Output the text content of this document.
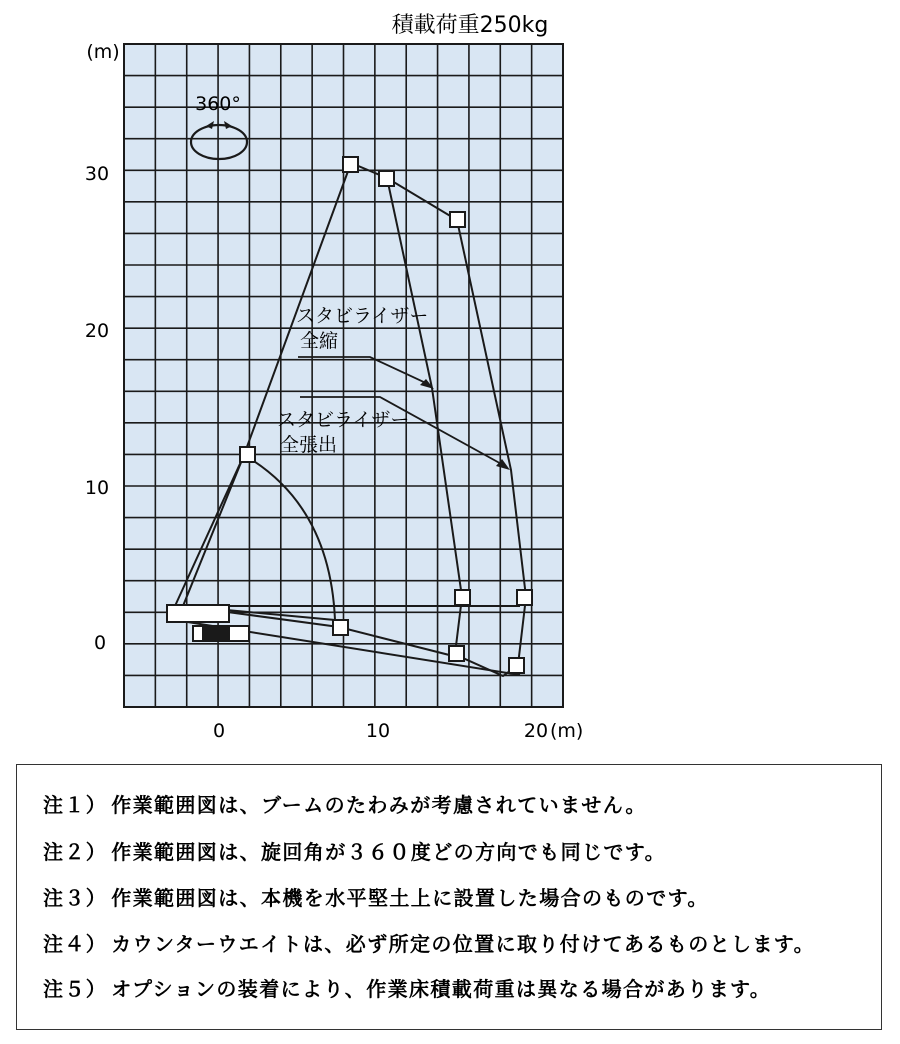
積載荷重250kg
(m)
30
20
10
0
0	10	20 (m)
360°
スタビライザー
全縮
スタビライザー
全張出
注１） 作業範囲図は、ブームのたわみが考慮されていません。
注２） 作業範囲図は、旋回角が３６０度どの方向でも同じです。
注３） 作業範囲図は、本機を水平堅土上に設置した場合のものです。
注４） カウンターウエイトは、必ず所定の位置に取り付けてあるものとします。
注５） オプションの装着により、作業床積載荷重は異なる場合があります。
